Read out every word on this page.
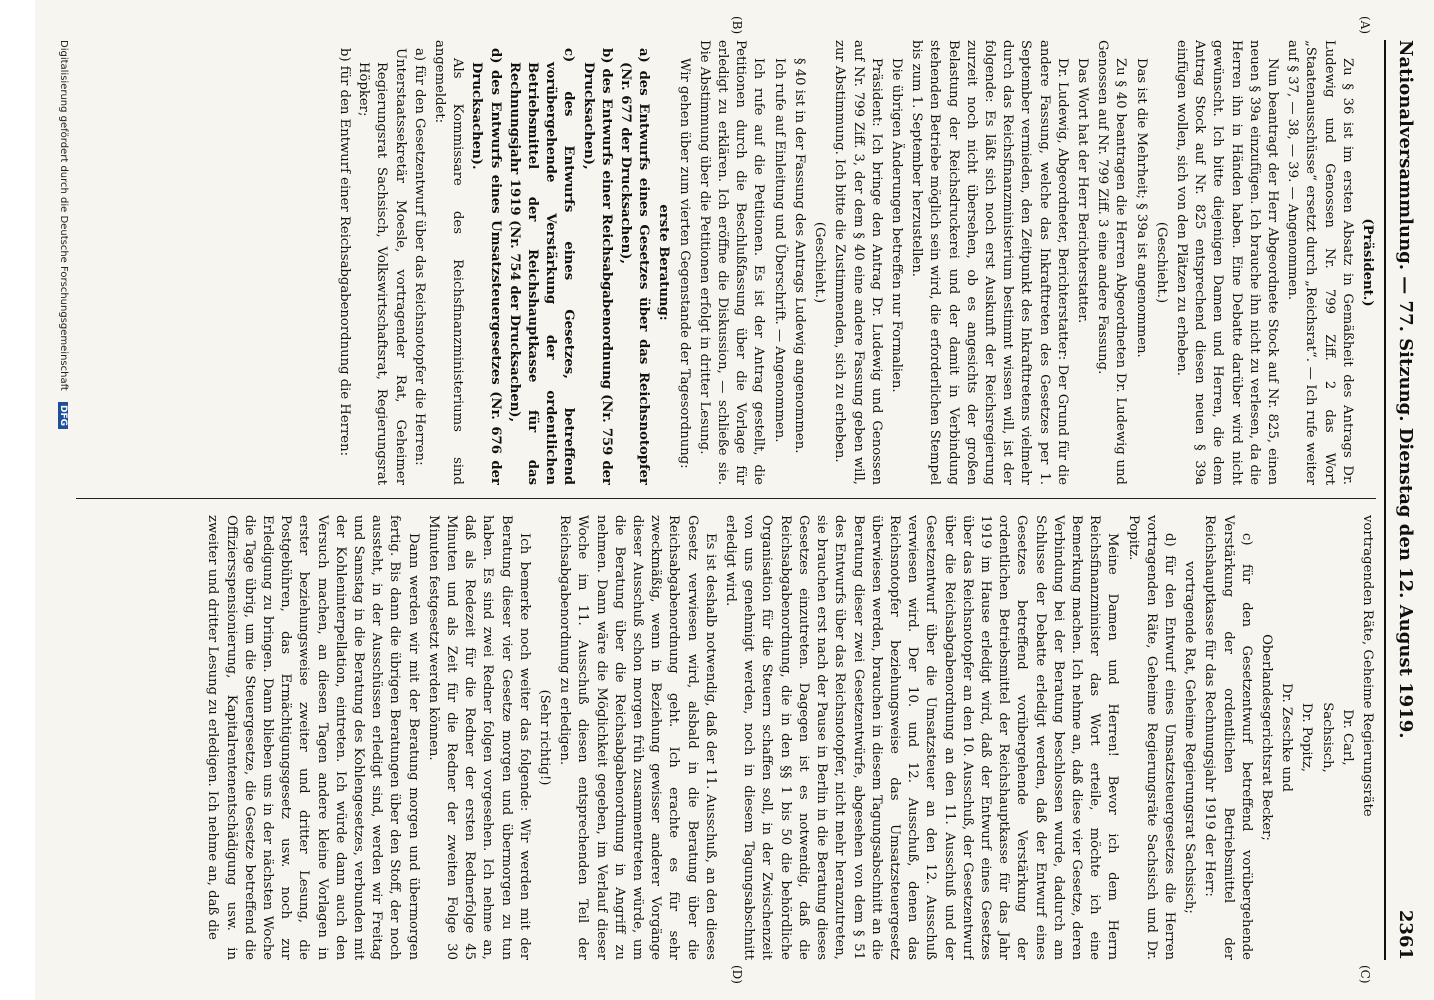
Nationalversammlung. — 77. Sitzung. Dienstag den 12. August 1919.
2361
(A)
(B)
(C)
(D)

(Präsident.)

Zu § 36 ist im ersten Absatz in Gemäßheit des Antrags Dr. Ludewig und Genossen Nr. 799 Ziff. 2 das Wort „Staatenausschüsse“ ersetzt durch „Reichsrat“. — Ich rufe weiter auf § 37, — 38, — 39. — Angenommen.

Nun beantragt der Herr Abgeordnete Stock auf Nr. 825, einen neuen § 39a einzufügen. Ich brauche ihn nicht zu verlesen, da die Herren ihn in Händen haben. Eine Debatte darüber wird nicht gewünscht. Ich bitte diejenigen Damen und Herren, die dem Antrag Stock auf Nr. 825 entsprechend diesen neuen § 39a einfügen wollen, sich von den Plätzen zu erheben.

(Geschieht.)

Das ist die Mehrheit; § 39a ist angenommen.

Zu § 40 beantragen die Herren Abgeordneten Dr. Ludewig und Genossen auf Nr. 799 Ziff. 3 eine andere Fassung.

Das Wort hat der Herr Berichterstatter.

Dr. Ludewig, Abgeordneter, Berichterstatter: Der Grund für die andere Fassung, welche das Inkrafttreten des Gesetzes per 1. September vermieden, den Zeitpunkt des Inkrafttretens vielmehr durch das Reichsfinanzministerium bestimmt wissen will, ist der folgende: Es läßt sich noch erst Auskunft der Reichsregierung zurzeit noch nicht übersehen, ob es angesichts der großen Belastung der Reichsdruckerei und der damit in Verbindung stehenden Betriebe möglich sein wird, die erforderlichen Stempel bis zum 1. September herzustellen.

Die übrigen Änderungen betreffen nur Formalien.

Präsident: Ich bringe den Antrag Dr. Ludewig und Genossen auf Nr. 799 Ziff. 3, der dem § 40 eine andere Fassung geben will, zur Abstimmung. Ich bitte die Zustimmenden, sich zu erheben.

(Geschieht.)

§ 40 ist in der Fassung des Antrags Ludewig angenommen.

Ich rufe auf Einleitung und Überschrift. — Angenommen.

Ich rufe auf die Petitionen. Es ist der Antrag gestellt, die Petitionen durch die Beschlußfassung über die Vorlage für erledigt zu erklären. Ich eröffne die Diskussion, — schließe sie. Die Abstimmung über die Petitionen erfolgt in dritter Lesung.

Wir gehen über zum vierten Gegenstande der Tagesordnung:

erste Beratung:

a) des Entwurfs eines Gesetzes über das Reichsnotopfer (Nr. 677 der Drucksachen),
b) des Entwurfs einer Reichsabgabenordnung (Nr. 759 der Drucksachen),
c) des Entwurfs eines Gesetzes, betreffend vorübergehende Verstärkung der ordentlichen Betriebsmittel der Reichshauptkasse für das Rechnungsjahr 1919 (Nr. 754 der Drucksachen),
d) des Entwurfs eines Umsatzsteuergesetzes (Nr. 676 der Drucksachen).

Als Kommissare des Reichsfinanzministeriums sind angemeldet:

a) für den Gesetzentwurf über das Reichsnotopfer die Herren:
Unterstaatssekretär Moesle, vortragender Rat, Geheimer Regierungsrat Sachsisch, Volkswirtschaftsrat, Regierungsrat Höpker;
b) für den Entwurf einer Reichsabgabenordnung die Herren:

vortragenden Räte, Geheime Regierungsräte

Dr. Carl,

Sachsisch,

Dr. Popitz,

Dr. Zeschke und

Oberlandesgerichtsrat Becker;

c) für den Gesetzentwurf betreffend vorübergehende Verstärkung der ordentlichen Betriebsmittel der Reichshauptkasse für das Rechnungsjahr 1919 der Herr:

vortragende Rat, Geheime Regierungsrat Sachsisch;

d) für den Entwurf eines Umsatzsteuergesetzes die Herren vortragenden Räte, Geheime Regierungsräte Sachsisch und Dr. Popitz.

Meine Damen und Herren! Bevor ich dem Herrn Reichsfinanzminister das Wort erteile, möchte ich eine Bemerkung machen. Ich nehme an, daß diese vier Gesetze, deren Verbindung bei der Beratung beschlossen wurde, dadurch am Schlusse der Debatte erledigt werden, daß der Entwurf eines Gesetzes betreffend vorübergehende Verstärkung der ordentlichen Betriebsmittel der Reichshauptkasse für das Jahr 1919 im Hause erledigt wird, daß der Entwurf eines Gesetzes über das Reichsnotopfer an den 10. Ausschuß, der Gesetzentwurf über die Reichsabgabenordnung an den 11. Ausschuß und der Gesetzentwurf über die Umsatzsteuer an den 12. Ausschuß verwiesen wird. Der 10. und 12. Ausschuß, denen das Reichsnotopfer beziehungsweise das Umsatzsteuergesetz überwiesen werden, brauchen in diesem Tagungsabschnitt an die Beratung dieser zwei Gesetzentwürfe, abgesehen von dem § 51 des Entwurfs über das Reichsnotopfer, nicht mehr heranzutreten, sie brauchen erst nach der Pause in Berlin in die Beratung dieses Gesetzes einzutreten. Dagegen ist es notwendig, daß die Reichsabgabenordnung, die in den §§ 1 bis 50 die behördliche Organisation für die Steuern schaffen soll, in der Zwischenzeit von uns genehmigt werden, noch in diesem Tagungsabschnitt erledigt wird.

Es ist deshalb notwendig, daß der 11. Ausschuß, an den dieses Gesetz verwiesen wird, alsbald in die Beratung über die Reichsabgabenordnung geht. Ich erachte es für sehr zweckmäßig, wenn in Beziehung gewisser anderer Vorgänge dieser Ausschuß schon morgen früh zusammentreten würde, um die Beratung über die Reichsabgabenordnung in Angriff zu nehmen. Dann wäre die Möglichkeit gegeben, im Verlauf dieser Woche im 11. Ausschuß diesen entsprechenden Teil der Reichsabgabenordnung zu erledigen.

(Sehr richtig!)

Ich bemerke noch weiter das folgende: Wir werden mit der Beratung dieser vier Gesetze morgen und übermorgen zu tun haben. Es sind zwei Redner folgen vorgesehen. Ich nehme an, daß als Redezeit für die Redner der ersten Rednerfolge 45 Minuten und als Zeit für die Redner der zweiten Folge 30 Minuten festgesetzt werden können.

Dann werden wir mit der Beratung morgen und übermorgen fertig. Bis dann die übrigen Beratungen über den Stoff, der noch aussteht, in der Ausschüssen erledigt sind, werden wir Freitag und Samstag in die Beratung des Kohlengesetzes, verbunden mit der Kohleninterpellation, eintreten. Ich würde dann auch den Versuch machen, an diesen Tagen andere kleine Vorlagen in erster beziehungsweise zweiter und dritter Lesung, die Postgebühren, das Ermächtigungsgesetz usw. noch zur Erledigung zu bringen. Dann blieben uns in der nächsten Woche die Tage übrig, um die Steuergesetze, die Gesetze betreffend die Offiziersspensionierung, Kapitalrentenentschädigung usw. in zweiter und dritter Lesung zu erledigen. Ich nehme an, daß die

Digitalisierung gefördert durch die Deutsche Forschungsgemeinschaft DFG
